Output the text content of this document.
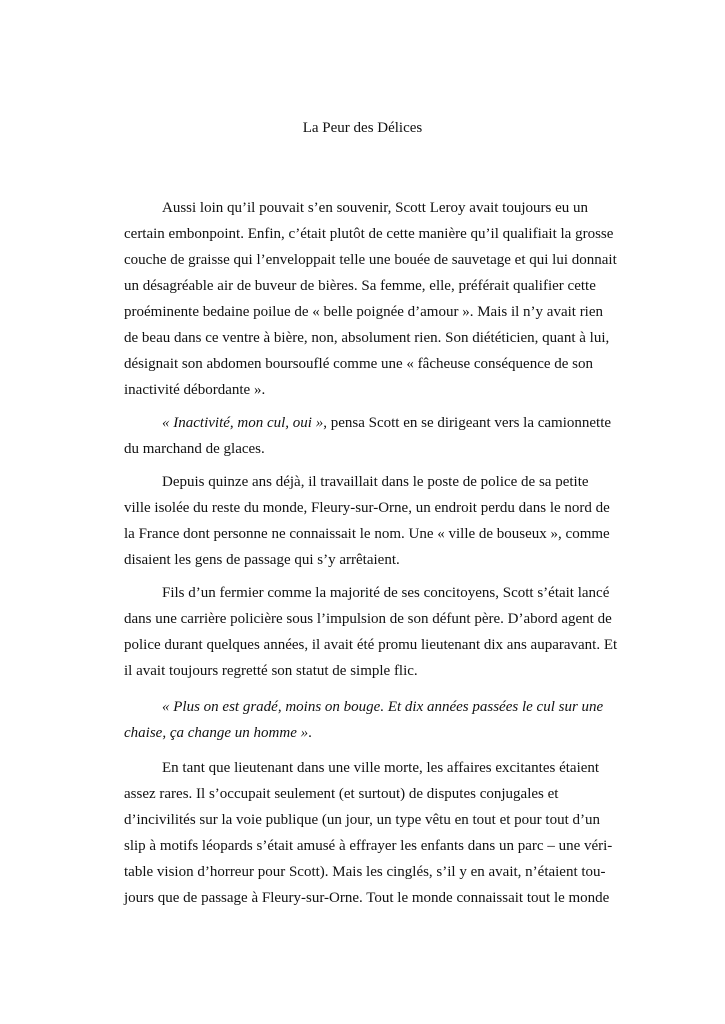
La Peur des Délices
Aussi loin qu’il pouvait s’en souvenir, Scott Leroy avait toujours eu un
certain embonpoint. Enfin, c’était plutôt de cette manière qu’il qualifiait la grosse
couche de graisse qui l’enveloppait telle une bouée de sauvetage et qui lui donnait
un désagréable air de buveur de bières. Sa femme, elle, préférait qualifier cette
proéminente bedaine poilue de « belle poignée d’amour ». Mais il n’y avait rien
de beau dans ce ventre à bière, non, absolument rien. Son diététicien, quant à lui,
désignait son abdomen boursouflé comme une « fâcheuse conséquence de son
inactivité débordante ».
« Inactivité, mon cul, oui », pensa Scott en se dirigeant vers la camionnette
du marchand de glaces.
Depuis quinze ans déjà, il travaillait dans le poste de police de sa petite
ville isolée du reste du monde, Fleury-sur-Orne, un endroit perdu dans le nord de
la France dont personne ne connaissait le nom. Une « ville de bouseux », comme
disaient les gens de passage qui s’y arrêtaient.
Fils d’un fermier comme la majorité de ses concitoyens, Scott s’était lancé
dans une carrière policière sous l’impulsion de son défunt père. D’abord agent de
police durant quelques années, il avait été promu lieutenant dix ans auparavant. Et
il avait toujours regretté son statut de simple flic.
« Plus on est gradé, moins on bouge. Et dix années passées le cul sur une
chaise, ça change un homme ».
En tant que lieutenant dans une ville morte, les affaires excitantes étaient
assez rares. Il s’occupait seulement (et surtout) de disputes conjugales et
d’incivilités sur la voie publique (un jour, un type vêtu en tout et pour tout d’un
slip à motifs léopards s’était amusé à effrayer les enfants dans un parc – une véri-
table vision d’horreur pour Scott). Mais les cinglés, s’il y en avait, n’étaient tou-
jours que de passage à Fleury-sur-Orne. Tout le monde connaissait tout le monde
